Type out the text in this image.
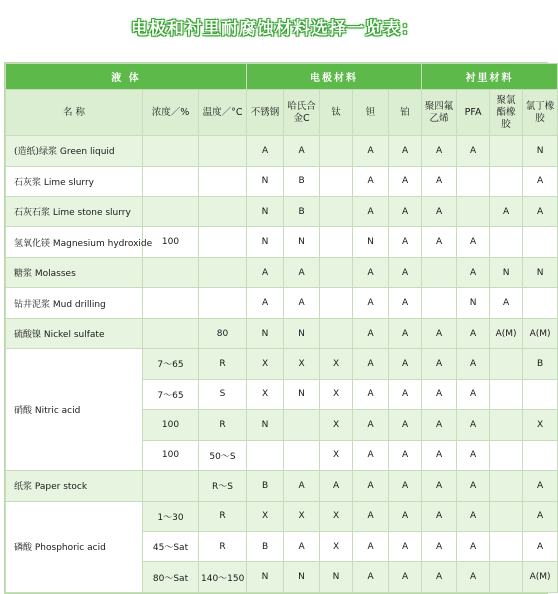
电极和衬里耐腐蚀材料选择一览表：
液 体			电极材料					衬里材料			
名 称	浓度／%	温度／°C	不锈钢	哈氏合金C	钛	钽	铂	聚四氟乙烯	PFA	聚氯酯橡胶	氯丁橡胶
(造纸)绿浆 Green liquid			A	A		A	A	A	A		N
石灰浆 Lime slurry			N	B		A	A	A			A
石灰石浆 Lime stone slurry			N	B		A	A	A		A	A
氢氧化镁 Magnesium hydroxide	100		N	N		N	A	A	A		
糖浆 Molasses			A	A		A	A		A	N	N
钻井泥浆 Mud drilling			A	A		A	A		N	A	
硫酸镍 Nickel sulfate		80	N	N		A	A	A	A	A(M)	A(M)
硝酸 Nitric acid	7～65	R	X	X	X	A	A	A	A		B
	7～65	S	X	N	X	A	A	A	A		
	100	R	N		X	A	A	A	A		X
	100	50～S			X	A	A	A	A		
纸浆 Paper stock		R～S	B	A	A	A	A	A	A		A
磷酸 Phosphoric acid	1～30	R	X	X	X	A	A	A	A		A
	45～Sat	R	B	A	X	A	A	A	A		A
	80～Sat	140～150	N	N	N	A	A	A	A		A(M)
